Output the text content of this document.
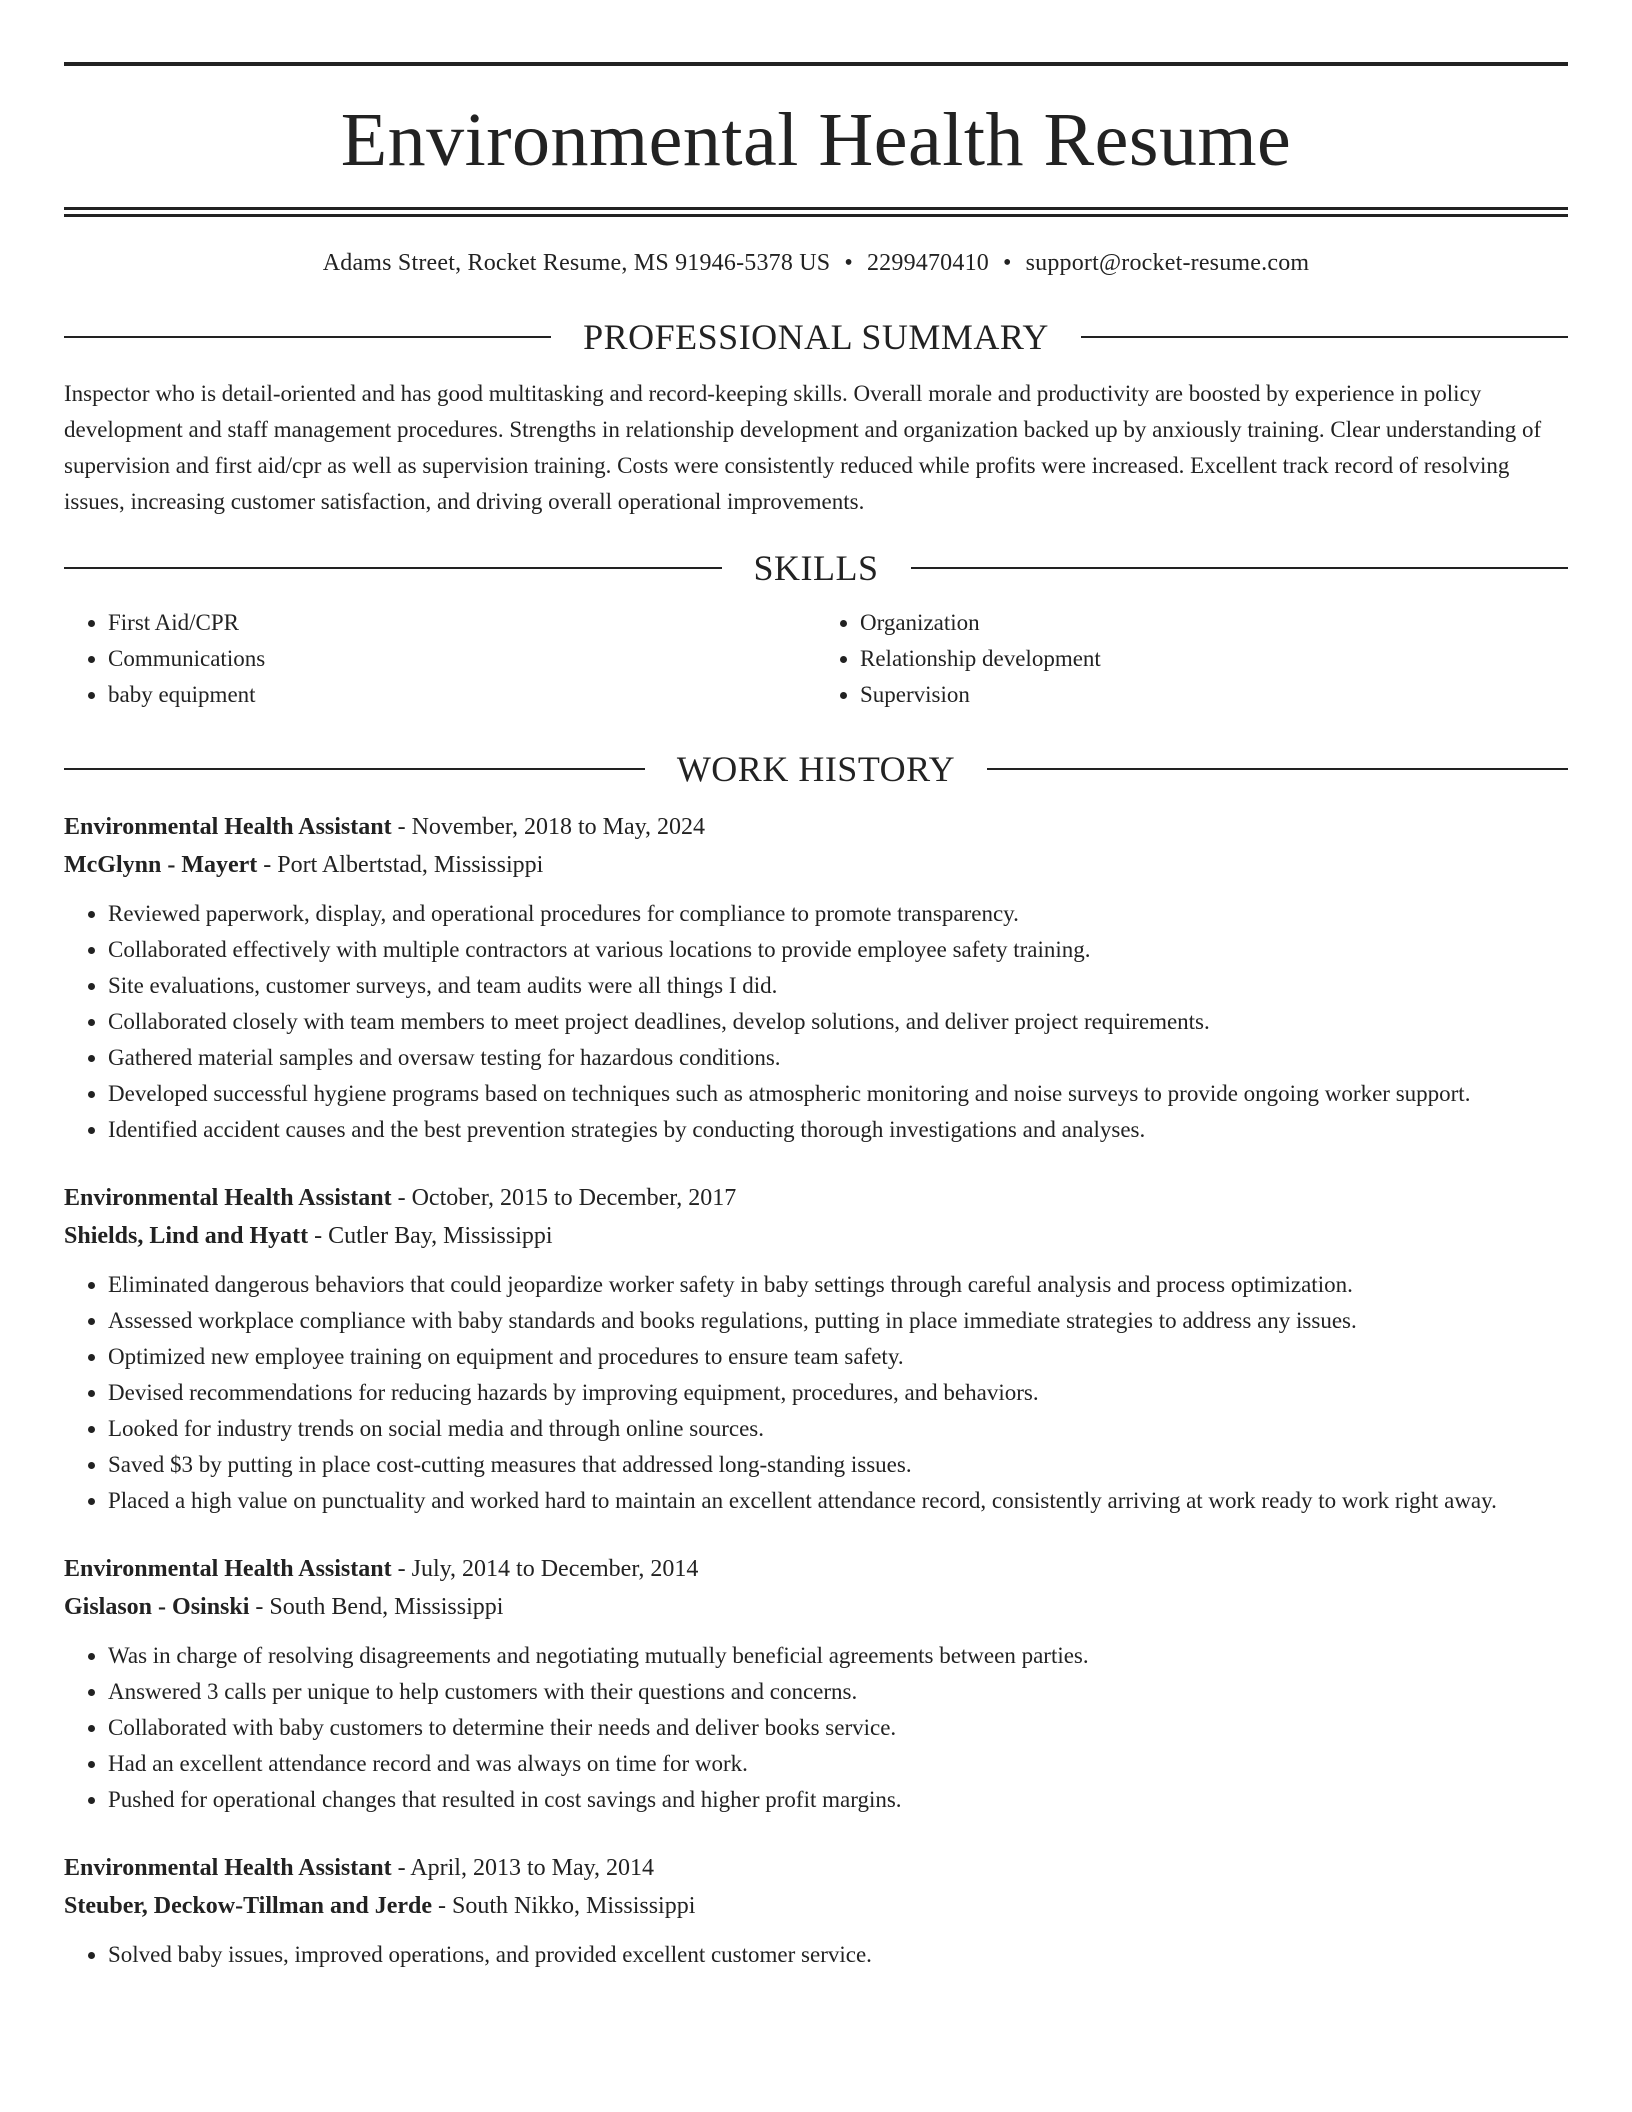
Environmental Health Resume
Adams Street, Rocket Resume, MS 91946-5378 US • 2299470410 • support@rocket-resume.com
PROFESSIONAL SUMMARY

Inspector who is detail-oriented and has good multitasking and record-keeping skills. Overall morale and productivity are boosted by experience in policy development and staff management procedures. Strengths in relationship development and organization backed up by anxiously training. Clear understanding of supervision and first aid/cpr as well as supervision training. Costs were consistently reduced while profits were increased. Excellent track record of resolving issues, increasing customer satisfaction, and driving overall operational improvements.

SKILLS
• First Aid/CPR
• Communications
• baby equipment
• Organization
• Relationship development
• Supervision
WORK HISTORY
Environmental Health Assistant - November, 2018 to May, 2024
McGlynn - Mayert - Port Albertstad, Mississippi
• Reviewed paperwork, display, and operational procedures for compliance to promote transparency.
• Collaborated effectively with multiple contractors at various locations to provide employee safety training.
• Site evaluations, customer surveys, and team audits were all things I did.
• Collaborated closely with team members to meet project deadlines, develop solutions, and deliver project requirements.
• Gathered material samples and oversaw testing for hazardous conditions.
• Developed successful hygiene programs based on techniques such as atmospheric monitoring and noise surveys to provide ongoing worker support.
• Identified accident causes and the best prevention strategies by conducting thorough investigations and analyses.
Environmental Health Assistant - October, 2015 to December, 2017
Shields, Lind and Hyatt - Cutler Bay, Mississippi
• Eliminated dangerous behaviors that could jeopardize worker safety in baby settings through careful analysis and process optimization.
• Assessed workplace compliance with baby standards and books regulations, putting in place immediate strategies to address any issues.
• Optimized new employee training on equipment and procedures to ensure team safety.
• Devised recommendations for reducing hazards by improving equipment, procedures, and behaviors.
• Looked for industry trends on social media and through online sources.
• Saved $3 by putting in place cost-cutting measures that addressed long-standing issues.
• Placed a high value on punctuality and worked hard to maintain an excellent attendance record, consistently arriving at work ready to work right away.
Environmental Health Assistant - July, 2014 to December, 2014
Gislason - Osinski - South Bend, Mississippi
• Was in charge of resolving disagreements and negotiating mutually beneficial agreements between parties.
• Answered 3 calls per unique to help customers with their questions and concerns.
• Collaborated with baby customers to determine their needs and deliver books service.
• Had an excellent attendance record and was always on time for work.
• Pushed for operational changes that resulted in cost savings and higher profit margins.
Environmental Health Assistant - April, 2013 to May, 2014
Steuber, Deckow-Tillman and Jerde - South Nikko, Mississippi
• Solved baby issues, improved operations, and provided excellent customer service.
